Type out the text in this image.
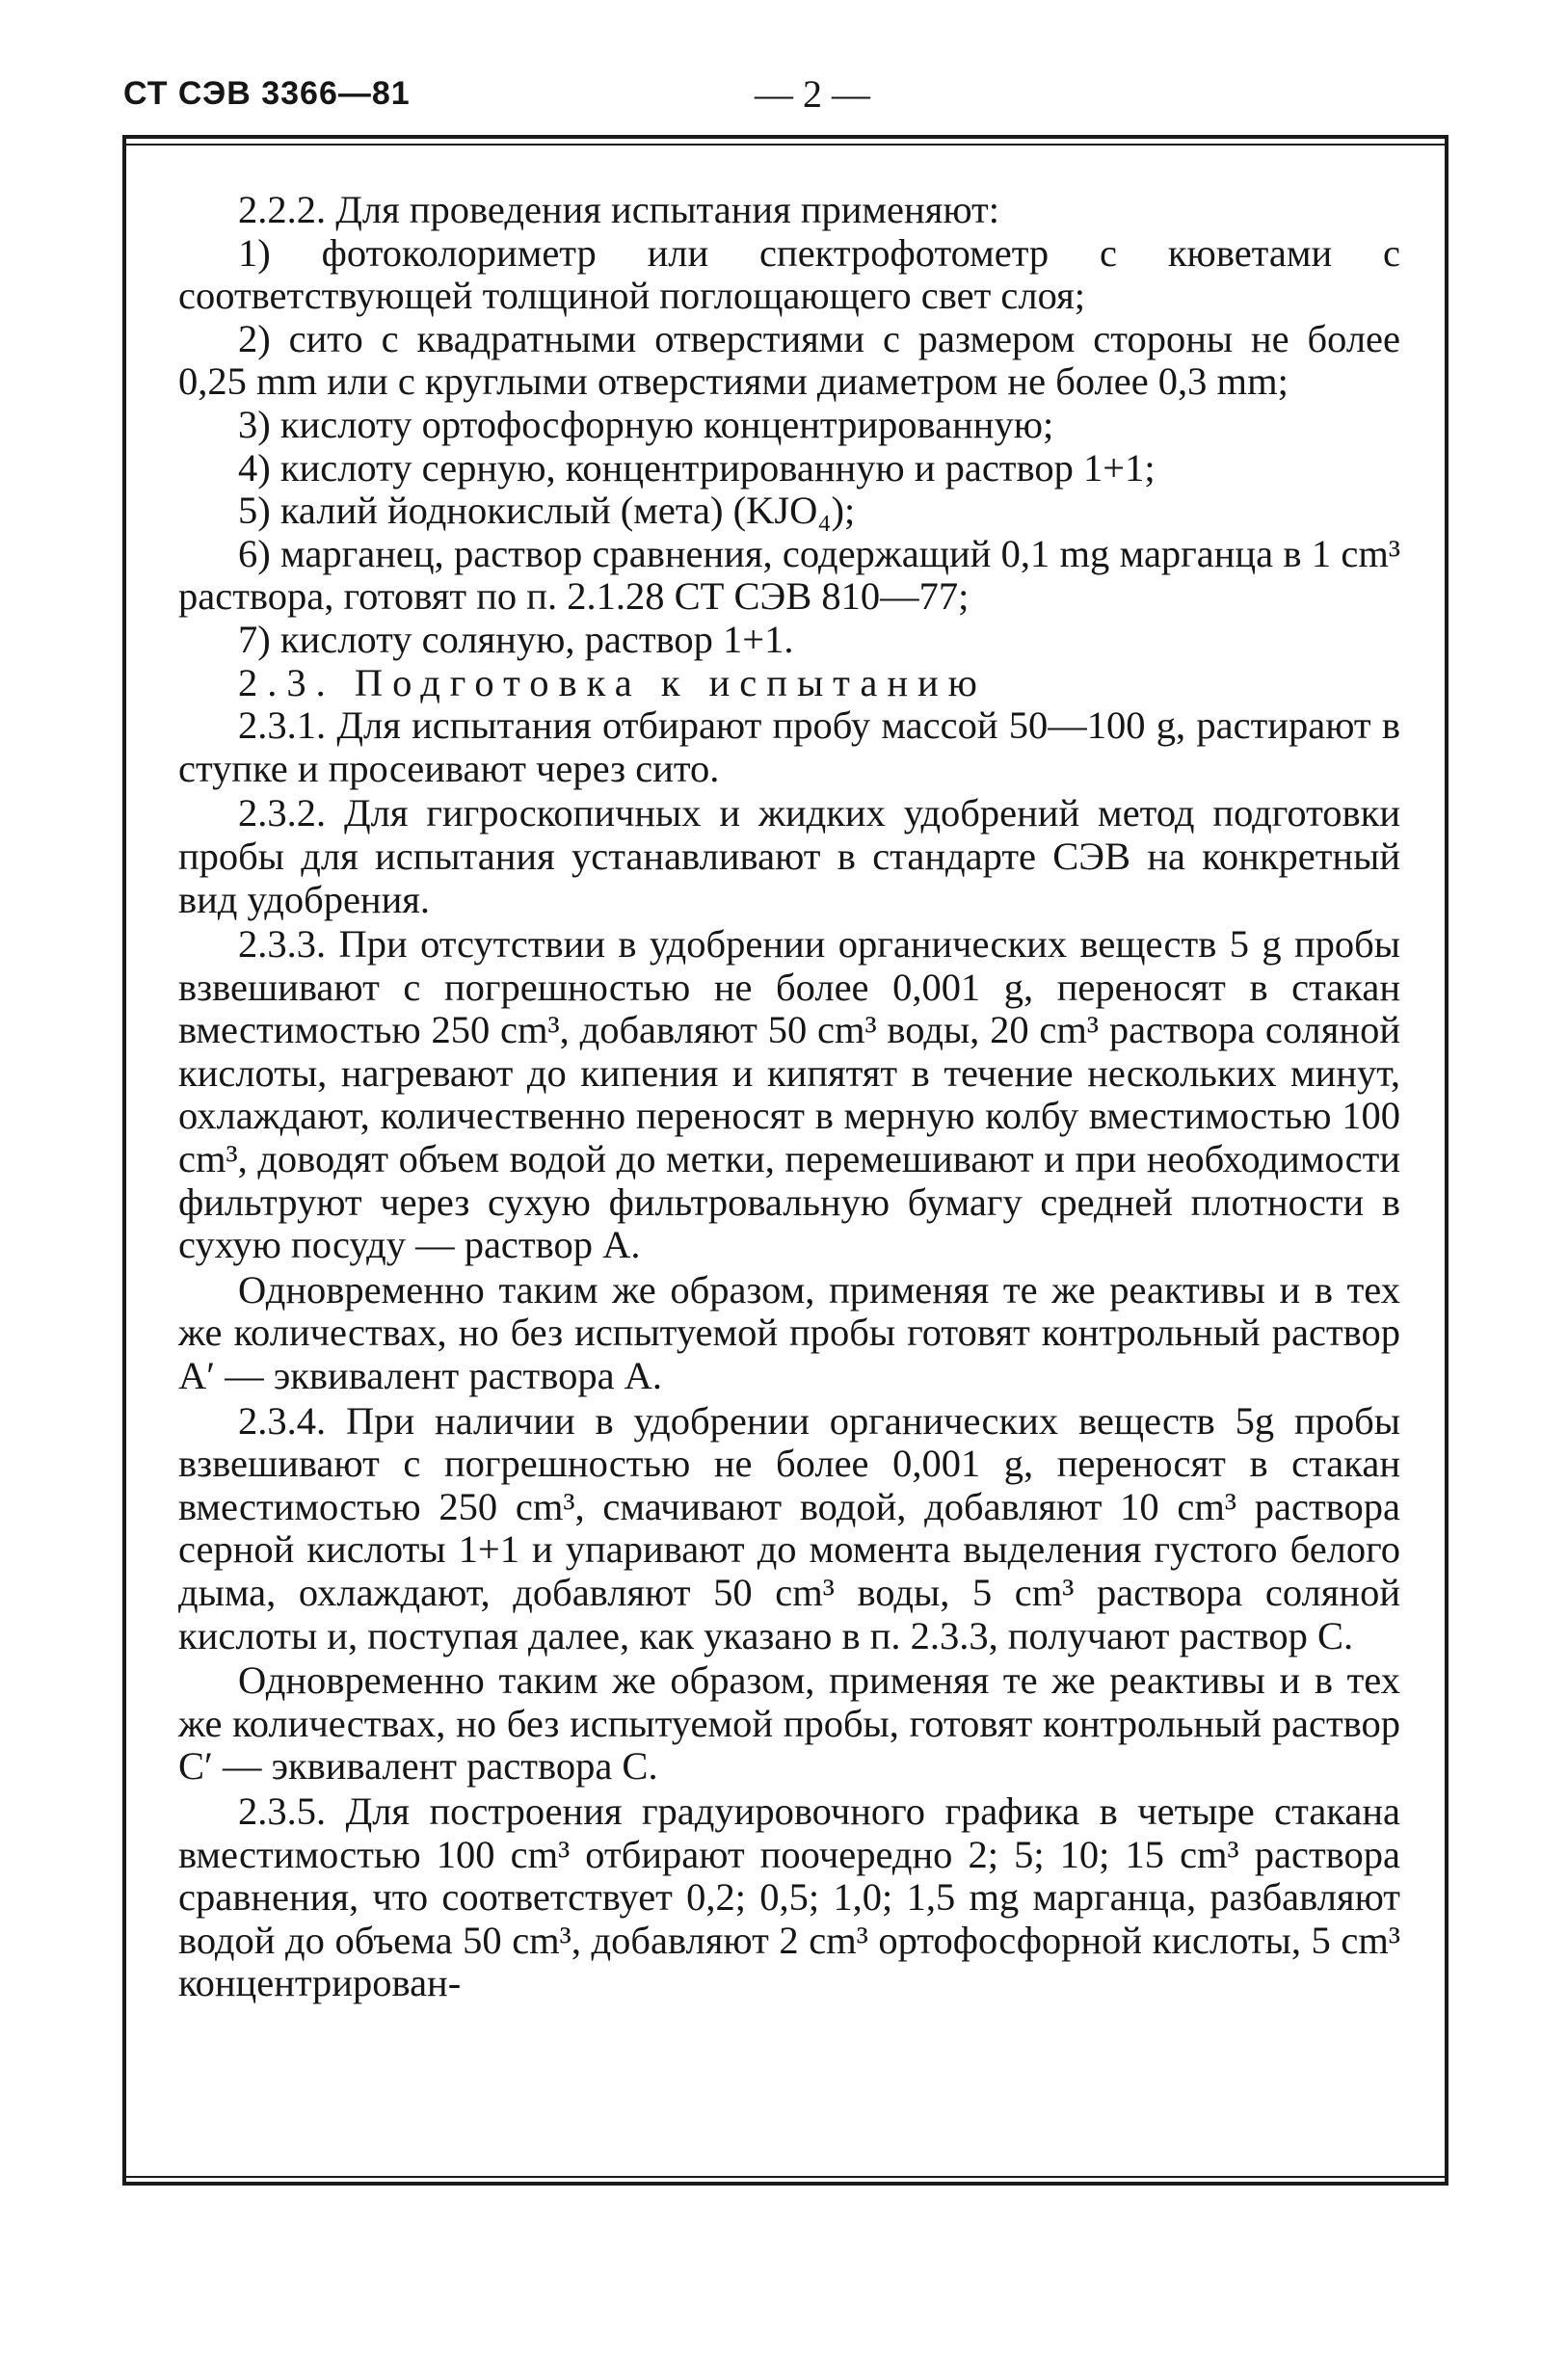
СТ СЭВ 3366—81	— 2 —

2.2.2. Для проведения испытания применяют:

1) фотоколориметр или спектрофотометр с кюветами с соответствующей толщиной поглощающего свет слоя;

2) сито с квадратными отверстиями с размером стороны не более 0,25 mm или с круглыми отверстиями диаметром не более 0,3 mm;

3) кислоту ортофосфорную концентрированную;

4) кислоту серную, концентрированную и раствор 1+1;

5) калий йоднокислый (мета) (KJO₄);

6) марганец, раствор сравнения, содержащий 0,1 mg марганца в 1 cm³ раствора, готовят по п. 2.1.28 СТ СЭВ 810—77;

7) кислоту соляную, раствор 1+1.

2.3. Подготовка к испытанию

2.3.1. Для испытания отбирают пробу массой 50—100 g, растирают в ступке и просеивают через сито.

2.3.2. Для гигроскопичных и жидких удобрений метод подготовки пробы для испытания устанавливают в стандарте СЭВ на конкретный вид удобрения.

2.3.3. При отсутствии в удобрении органических веществ 5 g пробы взвешивают с погрешностью не более 0,001 g, переносят в стакан вместимостью 250 cm³, добавляют 50 cm³ воды, 20 cm³ раствора соляной кислоты, нагревают до кипения и кипятят в течение нескольких минут, охлаждают, количественно переносят в мерную колбу вместимостью 100 cm³, доводят объем водой до метки, перемешивают и при необходимости фильтруют через сухую фильтровальную бумагу средней плотности в сухую посуду — раствор А.

Одновременно таким же образом, применяя те же реактивы и в тех же количествах, но без испытуемой пробы готовят контрольный раствор А′ — эквивалент раствора А.

2.3.4. При наличии в удобрении органических веществ 5g пробы взвешивают с погрешностью не более 0,001 g, переносят в стакан вместимостью 250 cm³, смачивают водой, добавляют 10 cm³ раствора серной кислоты 1+1 и упаривают до момента выделения густого белого дыма, охлаждают, добавляют 50 cm³ воды, 5 cm³ раствора соляной кислоты и, поступая далее, как указано в п. 2.3.3, получают раствор С.

Одновременно таким же образом, применяя те же реактивы и в тех же количествах, но без испытуемой пробы, готовят контрольный раствор С′ — эквивалент раствора С.

2.3.5. Для построения градуировочного графика в четыре стакана вместимостью 100 cm³ отбирают поочередно 2; 5; 10; 15 cm³ раствора сравнения, что соответствует 0,2; 0,5; 1,0; 1,5 mg марганца, разбавляют водой до объема 50 cm³, добавляют 2 cm³ ортофосфорной кислоты, 5 cm³ концентрирован-
